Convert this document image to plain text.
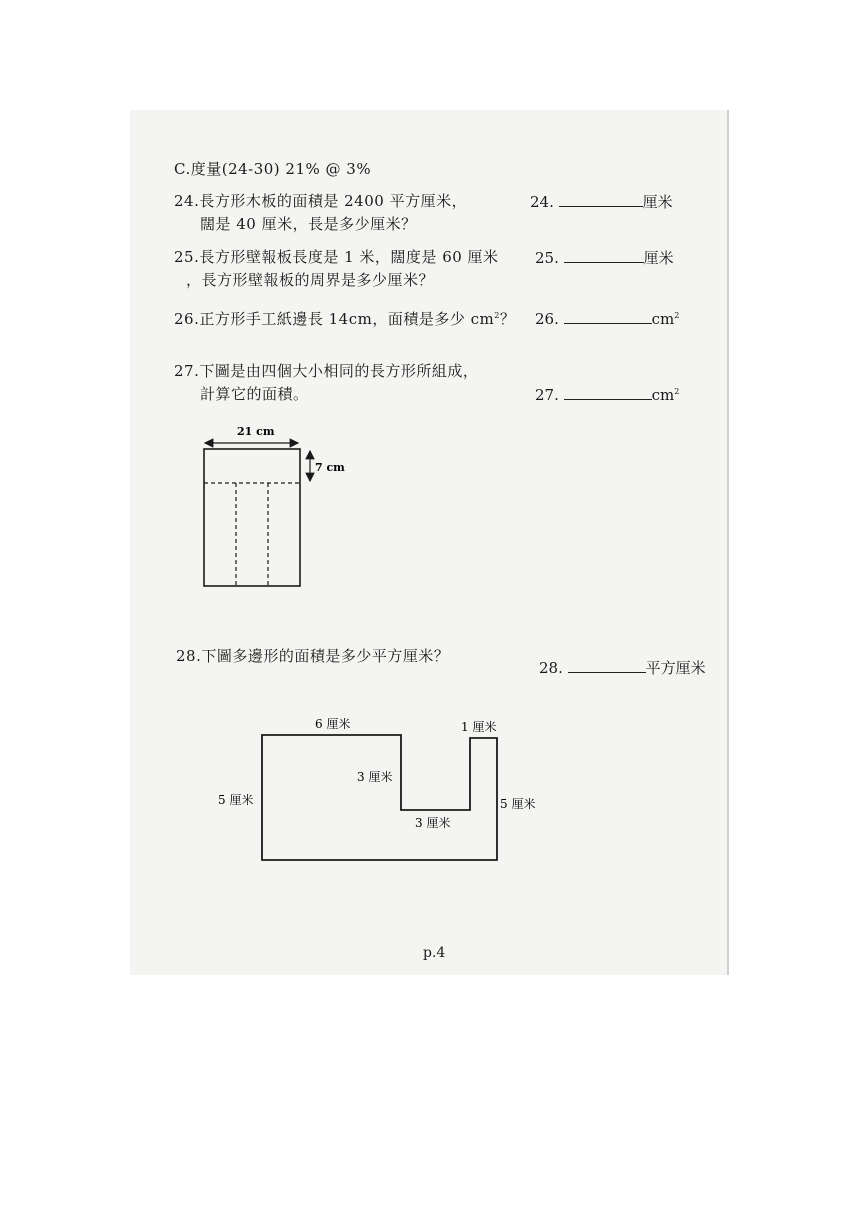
C.度量(24-30) 21% @ 3%
24.長方形木板的面積是 2400 平方厘米，
闊是 40 厘米，長是多少厘米？
24.	厘米
25.長方形壁報板長度是 1 米，闊度是 60 厘米
，長方形壁報板的周界是多少厘米？
25.	厘米
26.正方形手工紙邊長 14cm，面積是多少 $cm^2$？ 26.	$cm^2$
27.下圖是由四個大小相同的長方形所組成，
計算它的面積。	27.	$cm^2$
21 cm
7 cm
28.下圖多邊形的面積是多少平方厘米？
28.	平方厘米
6 厘米	1 厘米
3 厘米
3 厘米
5 厘米	5 厘米
p.4
